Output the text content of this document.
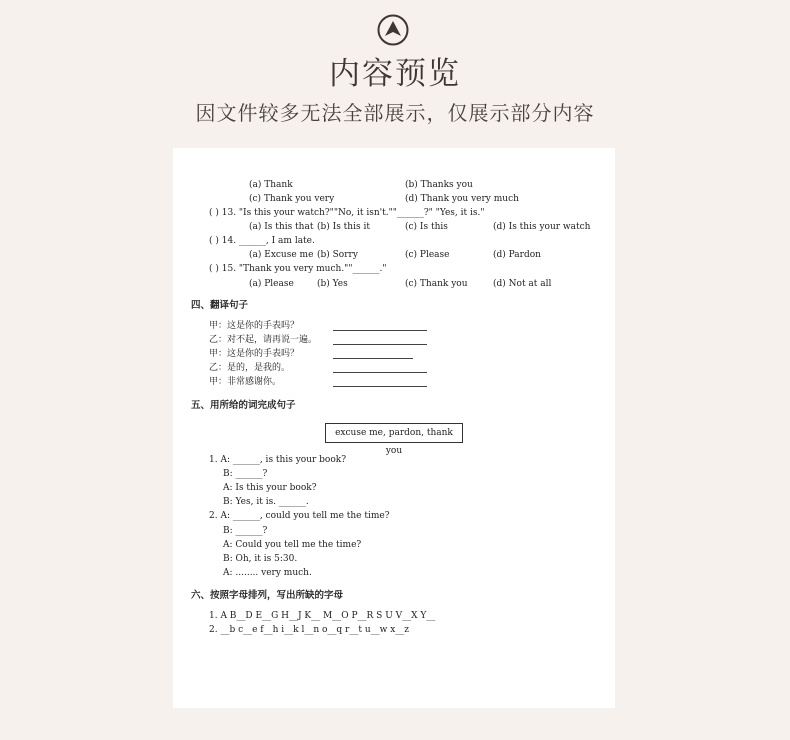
内容预览
因文件较多无法全部展示，仅展示部分内容
excuse me, pardon, thank you
(a) Thank	(b) Thanks you
(c) Thank you very	(d) Thank you very much
( ) 13. "Is this your watch?""No, it isn't.""______?" "Yes, it is."
(a) Is this that (b) Is this it	(c) Is this	(d) Is this your watch
( ) 14. ______, I am late.
(a) Excuse me (b) Sorry	(c) Please	(d) Pardon
( ) 15. "Thank you very much.""______."
(a) Please	(b) Yes	(c) Thank you	(d) Not at all
四、翻译句子
甲：这是你的手表吗？
乙：对不起，请再说一遍。
甲：这是你的手表吗？
乙：是的，是我的。
甲：非常感谢你。
五、用所给的词完成句子
1. A: ______, is this your book?
B: ______?
A: Is this your book?
B: Yes, it is. ______.
2. A: ______, could you tell me the time?
B: ______?
A: Could you tell me the time?
B: Oh, it is 5:30.
A: ........ very much.
六、按照字母排列，写出所缺的字母
1. A B__D E__G H__J K__ M__O P__R S U V__X Y__
2. __b c__e f__h i__k l__n o__q r__t u__w x__z
